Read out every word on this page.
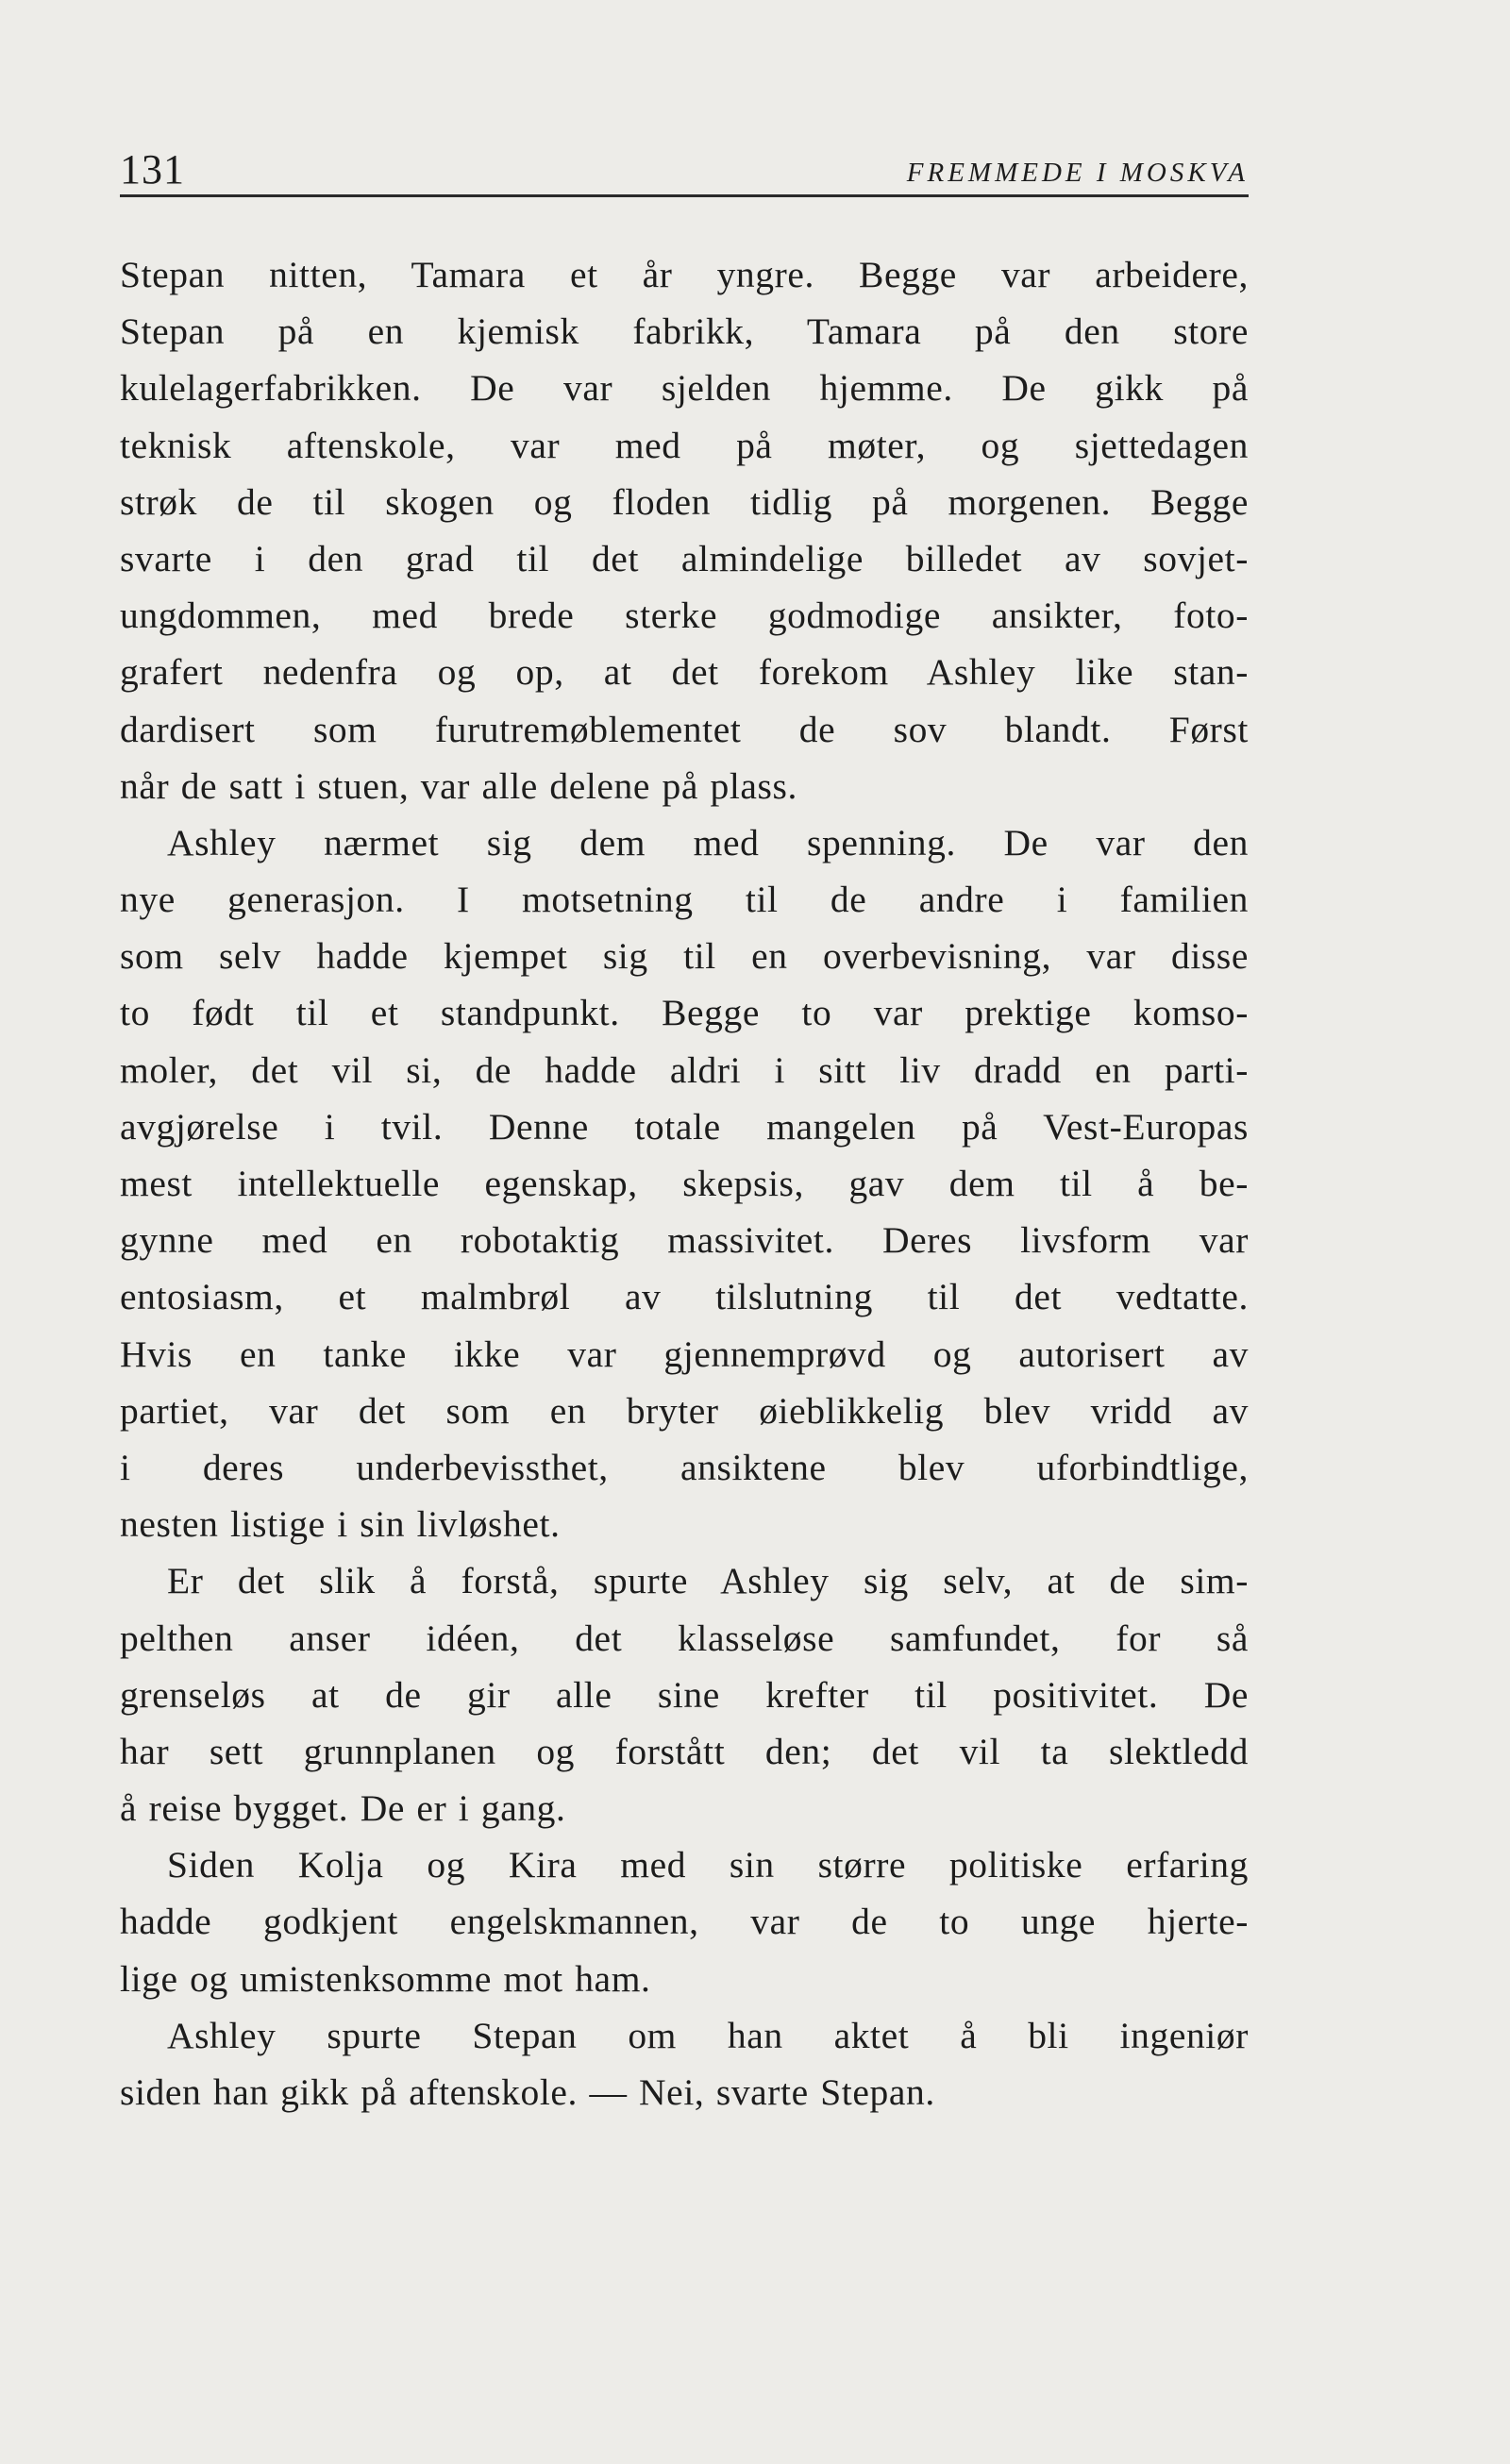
131	FREMMEDE I MOSKVA
Stepan nitten, Tamara et år yngre. Begge var arbeidere,
Stepan på en kjemisk fabrikk, Tamara på den store
kulelagerfabrikken. De var sjelden hjemme. De gikk på
teknisk aftenskole, var med på møter, og sjettedagen
strøk de til skogen og floden tidlig på morgenen. Begge
svarte i den grad til det almindelige billedet av sovjet-
ungdommen, med brede sterke godmodige ansikter, foto-
grafert nedenfra og op, at det forekom Ashley like stan-
dardisert som furutremøblementet de sov blandt. Først
når de satt i stuen, var alle delene på plass.
Ashley nærmet sig dem med spenning. De var den
nye generasjon. I motsetning til de andre i familien
som selv hadde kjempet sig til en overbevisning, var disse
to født til et standpunkt. Begge to var prektige komso-
moler, det vil si, de hadde aldri i sitt liv dradd en parti-
avgjørelse i tvil. Denne totale mangelen på Vest-Europas
mest intellektuelle egenskap, skepsis, gav dem til å be-
gynne med en robotaktig massivitet. Deres livsform var
entosiasm, et malmbrøl av tilslutning til det vedtatte.
Hvis en tanke ikke var gjennemprøvd og autorisert av
partiet, var det som en bryter øieblikkelig blev vridd av
i deres underbevissthet, ansiktene blev uforbindtlige,
nesten listige i sin livløshet.
Er det slik å forstå, spurte Ashley sig selv, at de sim-
pelthen anser idéen, det klasseløse samfundet, for så
grenseløs at de gir alle sine krefter til positivitet. De
har sett grunnplanen og forstått den; det vil ta slektledd
å reise bygget. De er i gang.
Siden Kolja og Kira med sin større politiske erfaring
hadde godkjent engelskmannen, var de to unge hjerte-
lige og umistenksomme mot ham.
Ashley spurte Stepan om han aktet å bli ingeniør
siden han gikk på aftenskole. — Nei, svarte Stepan.
